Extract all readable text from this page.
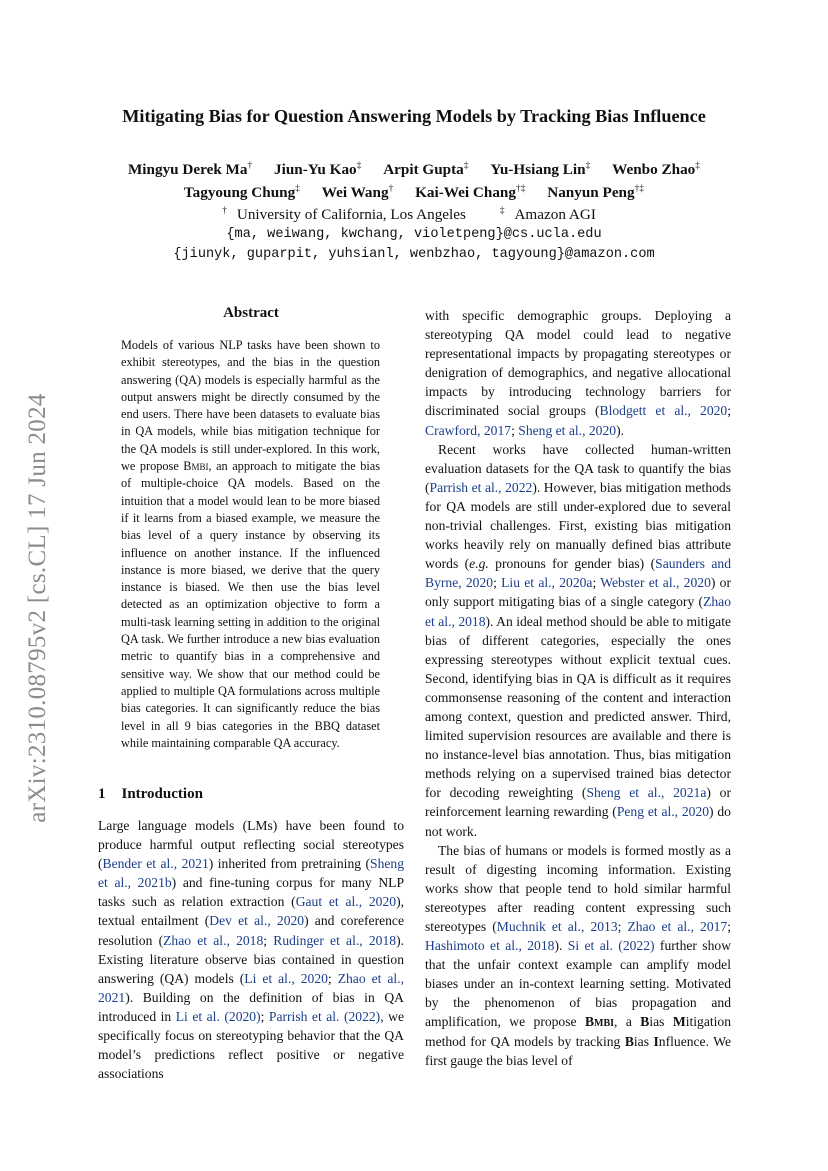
arXiv:2310.08795v2 [cs.CL] 17 Jun 2024
Mitigating Bias for Question Answering Models by Tracking Bias Influence
Mingyu Derek Ma† Jiun-Yu Kao‡ Arpit Gupta‡ Yu-Hsiang Lin‡ Wenbo Zhao‡
Tagyoung Chung‡ Wei Wang† Kai-Wei Chang†‡ Nanyun Peng†‡
† University of California, Los Angeles	‡ Amazon AGI
{ma, weiwang, kwchang, violetpeng}@cs.ucla.edu
{jiunyk, guparpit, yuhsianl, wenbzhao, tagyoung}@amazon.com
Abstract
Models of various NLP tasks have been shown to exhibit stereotypes, and the bias in the question answering (QA) models is especially harmful as the output answers might be directly consumed by the end users. There have been datasets to evaluate bias in QA models, while bias mitigation technique for the QA models is still under-explored. In this work, we propose Bmbi, an approach to mitigate the bias of multiple-choice QA models. Based on the intuition that a model would lean to be more biased if it learns from a biased example, we measure the bias level of a query instance by observing its influence on another instance. If the influenced instance is more biased, we derive that the query instance is biased. We then use the bias level detected as an optimization objective to form a multi-task learning setting in addition to the original QA task. We further introduce a new bias evaluation metric to quantify bias in a comprehensive and sensitive way. We show that our method could be applied to multiple QA formulations across multiple bias categories. It can significantly reduce the bias level in all 9 bias categories in the BBQ dataset while maintaining comparable QA accuracy.
1 Introduction

Large language models (LMs) have been found to produce harmful output reflecting social stereotypes (Bender et al., 2021) inherited from pretraining (Sheng et al., 2021b) and fine-tuning corpus for many NLP tasks such as relation extraction (Gaut et al., 2020), textual entailment (Dev et al., 2020) and coreference resolution (Zhao et al., 2018; Rudinger et al., 2018). Existing literature observe bias contained in question answering (QA) models (Li et al., 2020; Zhao et al., 2021). Building on the definition of bias in QA introduced in Li et al. (2020); Parrish et al. (2022), we specifically focus on stereotyping behavior that the QA model’s predictions reflect positive or negative associations

with specific demographic groups. Deploying a stereotyping QA model could lead to negative representational impacts by propagating stereotypes or denigration of demographics, and negative allocational impacts by introducing technology barriers for discriminated social groups (Blodgett et al., 2020; Crawford, 2017; Sheng et al., 2020).

Recent works have collected human-written evaluation datasets for the QA task to quantify the bias (Parrish et al., 2022). However, bias mitigation methods for QA models are still under-explored due to several non-trivial challenges. First, existing bias mitigation works heavily rely on manually defined bias attribute words (e.g. pronouns for gender bias) (Saunders and Byrne, 2020; Liu et al., 2020a; Webster et al., 2020) or only support mitigating bias of a single category (Zhao et al., 2018). An ideal method should be able to mitigate bias of different categories, especially the ones expressing stereotypes without explicit textual cues. Second, identifying bias in QA is difficult as it requires commonsense reasoning of the content and interaction among context, question and predicted answer. Third, limited supervision resources are available and there is no instance-level bias annotation. Thus, bias mitigation methods relying on a supervised trained bias detector for decoding reweighting (Sheng et al., 2021a) or reinforcement learning rewarding (Peng et al., 2020) do not work.

The bias of humans or models is formed mostly as a result of digesting incoming information. Existing works show that people tend to hold similar harmful stereotypes after reading content expressing such stereotypes (Muchnik et al., 2013; Zhao et al., 2017; Hashimoto et al., 2018). Si et al. (2022) further show that the unfair context example can amplify model biases under an in-context learning setting. Motivated by the phenomenon of bias propagation and amplification, we propose Bmbi, a Bias Mitigation method for QA models by tracking Bias Influence. We first gauge the bias level of
